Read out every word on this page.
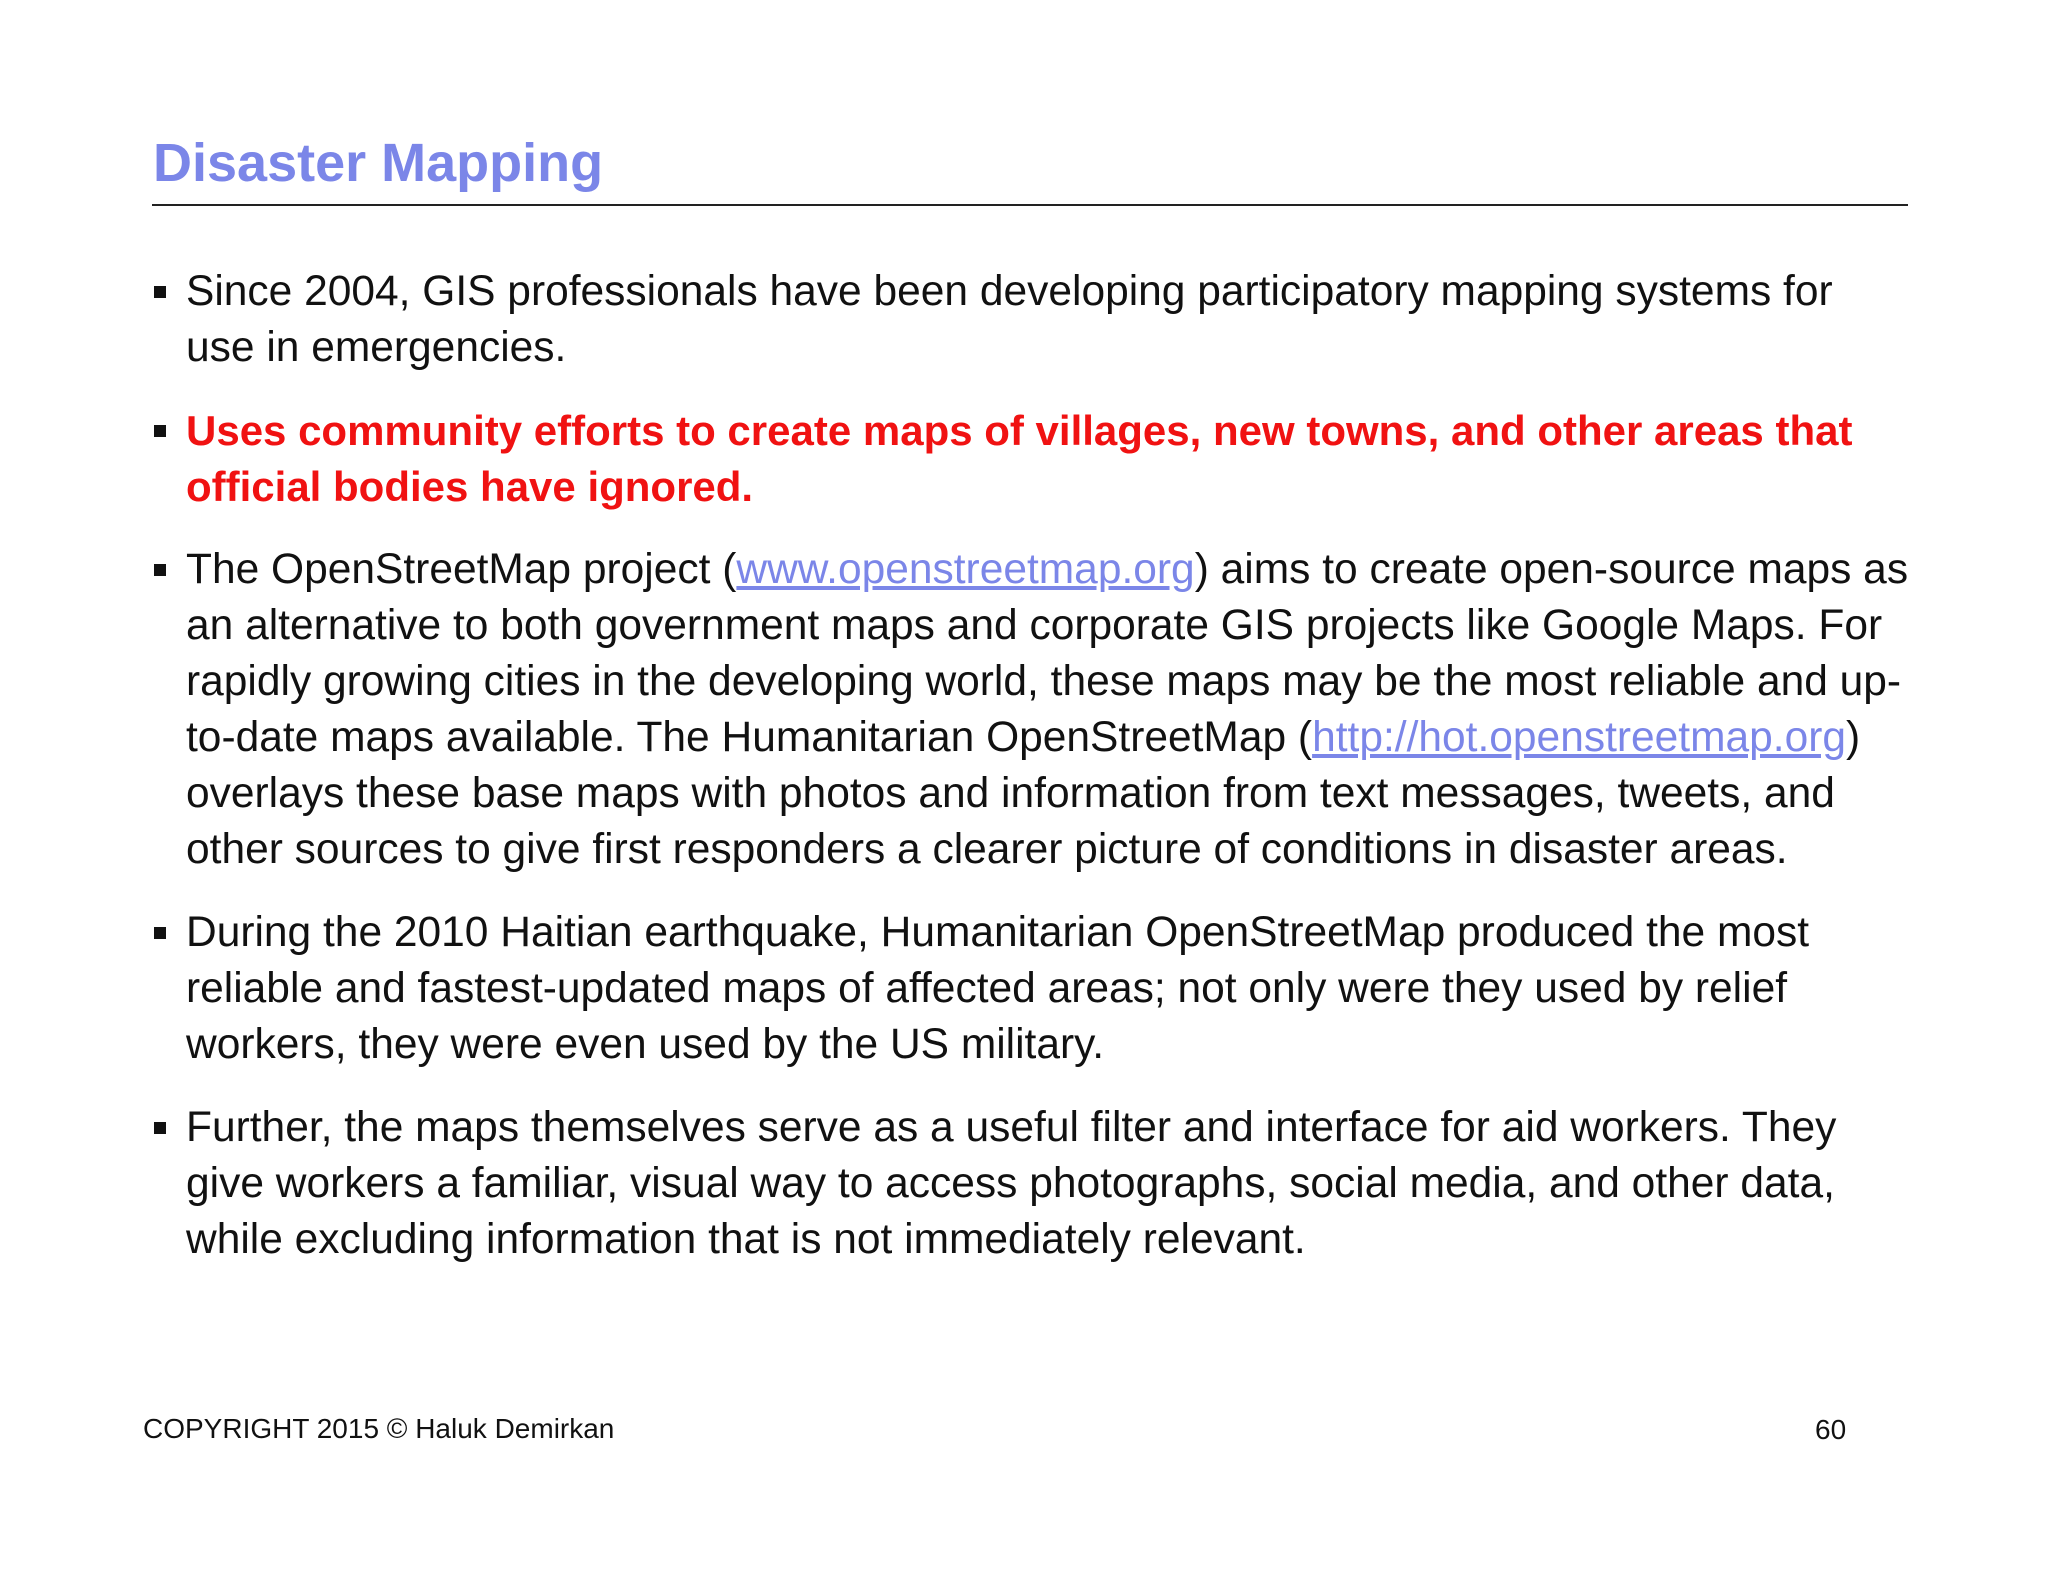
Disaster Mapping
Since 2004, GIS professionals have been developing participatory mapping systems for use in emergencies.
Uses community efforts to create maps of villages, new towns, and other areas that official bodies have ignored.
The OpenStreetMap project (www.openstreetmap.org) aims to create open-source maps as an alternative to both government maps and corporate GIS projects like Google Maps. For rapidly growing cities in the developing world, these maps may be the most reliable and up-to-date maps available. The Humanitarian OpenStreetMap (http://hot.openstreetmap.org) overlays these base maps with photos and information from text messages, tweets, and other sources to give first responders a clearer picture of conditions in disaster areas.
During the 2010 Haitian earthquake, Humanitarian OpenStreetMap produced the most reliable and fastest-updated maps of affected areas; not only were they used by relief workers, they were even used by the US military.
Further, the maps themselves serve as a useful filter and interface for aid workers. They give workers a familiar, visual way to access photographs, social media, and other data, while excluding information that is not immediately relevant.
COPYRIGHT 2015 © Haluk Demirkan	60
